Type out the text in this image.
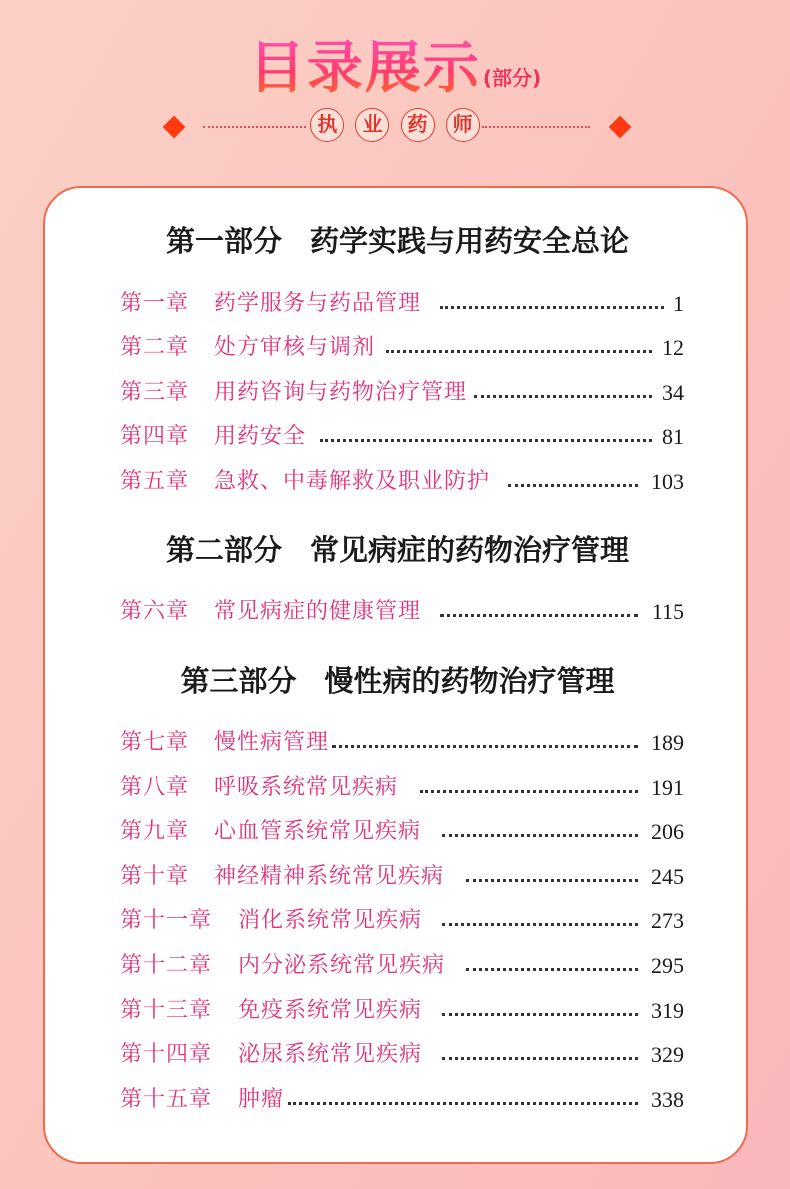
目录展示 (部分)
执 业 药 师
第一部分 药学实践与用药安全总论
第一章 药学服务与药品管理	1
第二章 处方审核与调剂	12
第三章 用药咨询与药物治疗管理	34
第四章 用药安全	81
第五章 急救、中毒解救及职业防护	103
第二部分 常见病症的药物治疗管理
第六章 常见病症的健康管理	115
第三部分 慢性病的药物治疗管理
第七章 慢性病管理	189
第八章 呼吸系统常见疾病	191
第九章 心血管系统常见疾病	206
第十章 神经精神系统常见疾病	245
第十一章 消化系统常见疾病	273
第十二章 内分泌系统常见疾病	295
第十三章 免疫系统常见疾病	319
第十四章 泌尿系统常见疾病	329
第十五章 肿瘤	338
